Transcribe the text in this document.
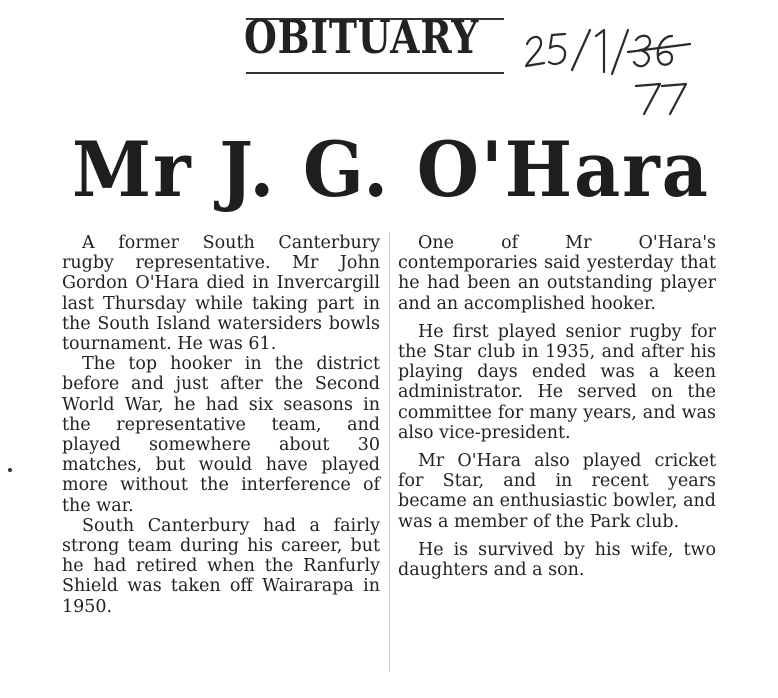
OBITUARY
Mr J. G. O'Hara

A former South Canterbury rugby representative. Mr John Gordon O'Hara died in Invercargill last Thursday while taking part in the South Island watersiders bowls tournament. He was 61.

The top hooker in the district before and just after the Second World War, he had six seasons in the representative team, and played somewhere about 30 matches, but would have played more without the interference of the war.

South Canterbury had a fairly strong team during his career, but he had retired when the Ranfurly Shield was taken off Wairarapa in 1950.

One of Mr O'Hara's contemporaries said yesterday that he had been an outstanding player and an accomplished hooker.

He first played senior rugby for the Star club in 1935, and after his playing days ended was a keen administrator. He served on the committee for many years, and was also vice-president.

Mr O'Hara also played cricket for Star, and in recent years became an enthusiastic bowler, and was a member of the Park club.

He is survived by his wife, two daughters and a son.
